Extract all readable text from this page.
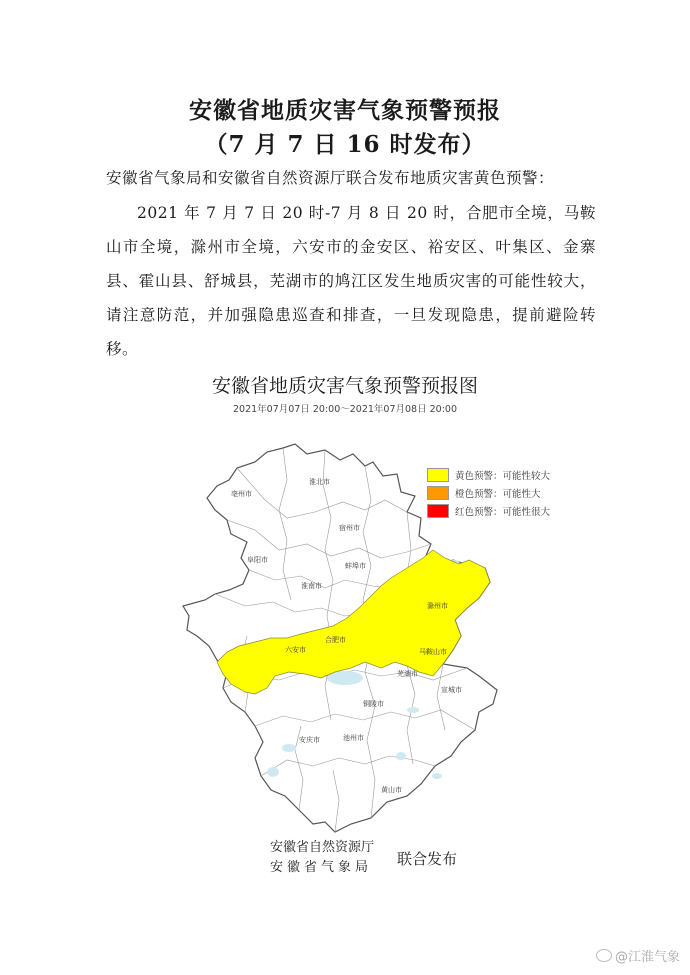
安徽省地质灾害气象预警预报
（7 月 7 日 16 时发布）
安徽省气象局和安徽省自然资源厅联合发布地质灾害黄色预警：
2021 年 7 月 7 日 20 时-7 月 8 日 20 时，合肥市全境，马鞍山市全境，滁州市全境，六安市的金安区、裕安区、叶集区、金寨县、霍山县、舒城县，芜湖市的鸠江区发生地质灾害的可能性较大，请注意防范，并加强隐患巡查和排查，一旦发现隐患，提前避险转移。
安徽省地质灾害气象预警预报图
2021年07月07日 20:00～2021年07月08日 20:00
亳州市
淮北市
宿州市
蚌埠市
淮南市
阜阳市
六安市
合肥市
滁州市
马鞍山市
芜湖市
宣城市
安庆市	池州市
铜陵市
黄山市
黄色预警：可能性较大
橙色预警：可能性大
红色预警：可能性很大
安徽省自然资源厅
安徽省气象局 联合发布
@江淮气象
